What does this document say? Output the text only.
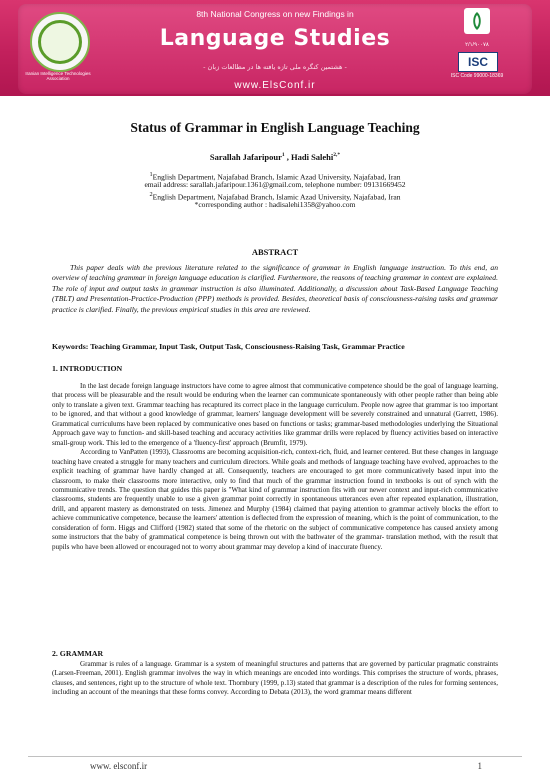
Iranian Intelligence Technologies Association
8th National Congress on new Findings in
Language Studies
- هشتمین کنگره ملی تازه یافته ها در مطالعات زبان -
www.ElsConf.ir
۲/۱/۹۰۰۷۸
ISC
ISC Code 99000-18369
Status of Grammar in English Language Teaching
Sarallah Jafaripour$^1$ , Hadi Salehi$^{2,*}$
$^1$English Department, Najafabad Branch, Islamic Azad University, Najafabad, Iran
email address: sarallah.jafaripour.1361@gmail.com, telephone number: 09131669452
$^2$English Department, Najafabad Branch, Islamic Azad University, Najafabad, Iran
*corresponding author : hadisalehi1358@yahoo.com
ABSTRACT

This paper deals with the previous literature related to the significance of grammar in English language instruction. To this end, an overview of teaching grammar in foreign language education is clarified. Furthermore, the reasons of teaching grammar in context are explained. The role of input and output tasks in grammar instruction is also illuminated. Additionally, a discussion about Task-Based Language Teaching (TBLT) and Presentation-Practice-Production (PPP) methods is provided. Besides, theoretical basis of consciousness-raising tasks and grammar practice is clarified. Finally, the previous empirical studies in this area are reviewed.

Keywords: Teaching Grammar, Input Task, Output Task, Consciousness-Raising Task, Grammar Practice
1. INTRODUCTION

In the last decade foreign language instructors have come to agree almost that communicative competence should be the goal of language learning, that process will be pleasurable and the result would be enduring when the learner can communicate spontaneously with other people rather than being able only to translate a given text. Grammar teaching has recaptured its correct place in the language curriculum. People now agree that grammar is too important to be ignored, and that without a good knowledge of grammar, learners' language development will be severely constrained and unnatural (Garrett, 1986). Grammatical curriculums have been replaced by communicative ones based on functions or tasks; grammar-based methodologies underlying the Situational Approach gave way to function- and skill-based teaching and accuracy activities like grammar drills were replaced by fluency activities based on interactive small-group work. This led to the emergence of a 'fluency-first' approach (Brumfit, 1979).

According to VanPatten (1993), Classrooms are becoming acquisition-rich, context-rich, fluid, and learner centered. But these changes in language teaching have created a struggle for many teachers and curriculum directors. While goals and methods of language teaching have evolved, approaches to the explicit teaching of grammar have hardly changed at all. Consequently, teachers are encouraged to get more communicatively based input into the classroom, to make their classrooms more interactive, only to find that much of the grammar instruction found in textbooks is out of synch with the communicative trends. The question that guides this paper is "What kind of grammar instruction fits with our newer context and input-rich communicative classrooms, students are frequently unable to use a given grammar point correctly in spontaneous utterances even after repeated explanation, illustration, drill, and apparent mastery as demonstrated on tests. Jimenez and Murphy (1984) claimed that paying attention to grammar actively blocks the effort to achieve communicative competence, because the learners' attention is deflected from the expression of meaning, which is the point of communication, to the consideration of form. Higgs and Clifford (1982) stated that some of the rhetoric on the subject of communicative competence has caused anxiety among some instructors that the baby of grammatical competence is being thrown out with the bathwater of the grammar- translation method, with the result that pupils who have been allowed or encouraged not to worry about grammar may develop a kind of inaccurate fluency.

2. GRAMMAR

Grammar is rules of a language. Grammar is a system of meaningful structures and patterns that are governed by particular pragmatic constraints (Larsen-Freeman, 2001). English grammar involves the way in which meanings are encoded into wordings. This comprises the structure of words, phrases, clauses, and sentences, right up to the structure of whole text. Thornbury (1999, p.13) stated that grammar is a description of the rules for forming sentences, including an account of the meanings that these forms convey. According to Debata (2013), the word grammar means different

www. elsconf.ir	1
